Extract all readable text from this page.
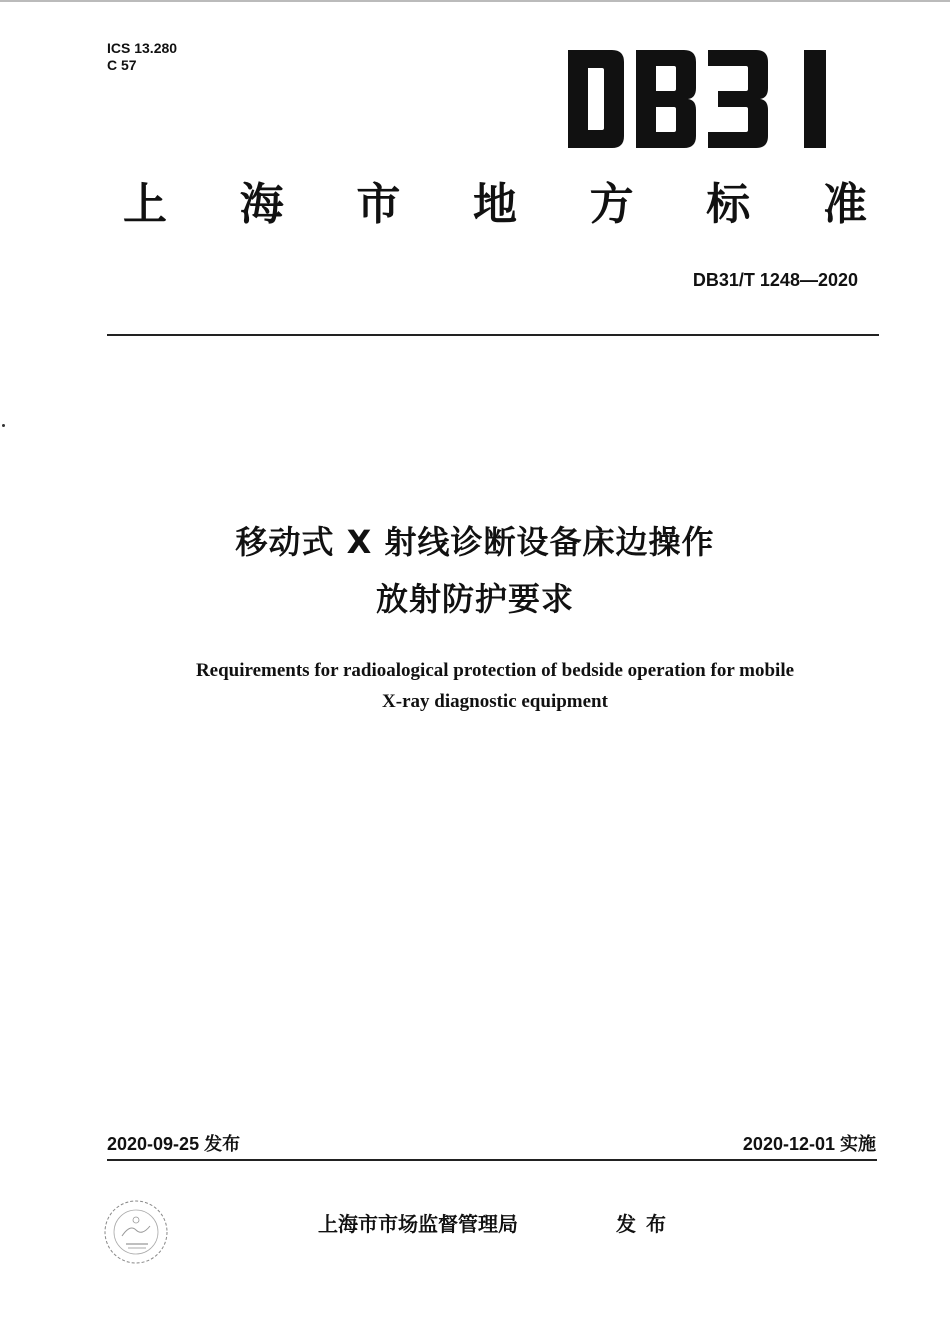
ICS 13.280
C 57
上 海 市 地 方 标 准
DB31/T 1248—2020
移动式 X 射线诊断设备床边操作
放射防护要求
Requirements for radioalogical protection of bedside operation for mobile
X-ray diagnostic equipment
2020-09-25 发布	2020-12-01 实施
上海市市场监督管理局	发布
